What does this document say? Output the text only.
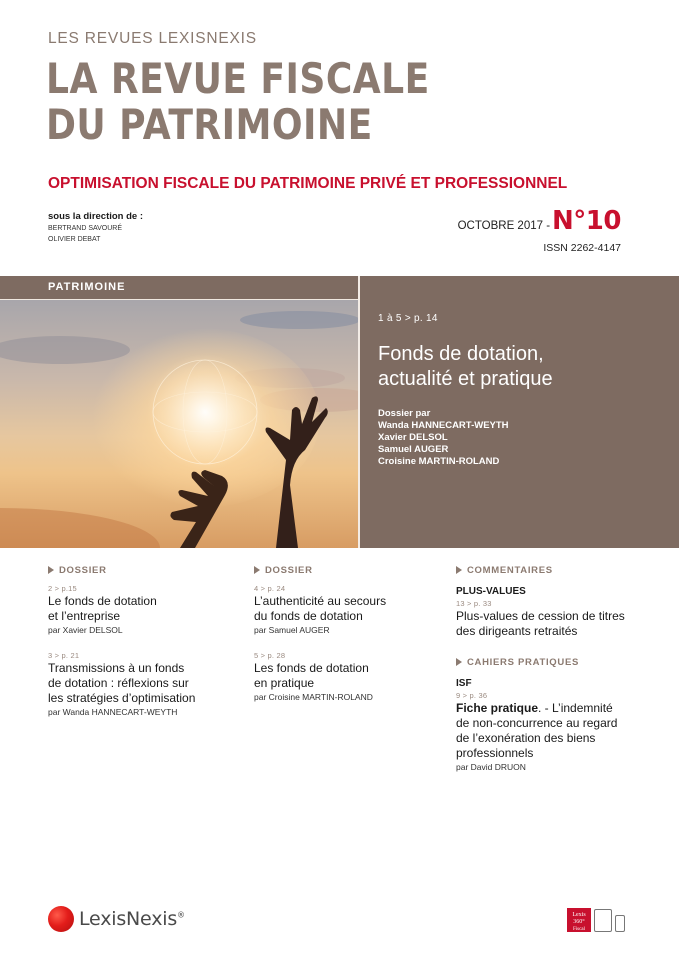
LES REVUES LEXISNEXIS
LA REVUE FISCALE
DU PATRIMOINE
OPTIMISATION FISCALE DU PATRIMOINE PRIVÉ ET PROFESSIONNEL
sous la direction de :
BERTRAND SAVOURÉ
OLIVIER DEBAT
OCTOBRE 2017 - N°10
ISSN 2262-4147
PATRIMOINE
1 à 5 > p. 14
Fonds de dotation,
actualité et pratique
Dossier par
Wanda HANNECART-WEYTH
Xavier DELSOL
Samuel AUGER
Croisine MARTIN-ROLAND
DOSSIER
2 > p.15
Le fonds de dotation
et l’entreprise
par Xavier DELSOL
3 > p. 21
Transmissions à un fonds
de dotation : réflexions sur
les stratégies d’optimisation
par Wanda HANNECART-WEYTH
DOSSIER
4 > p. 24
L’authenticité au secours
du fonds de dotation
par Samuel AUGER
5 > p. 28
Les fonds de dotation
en pratique
par Croisine MARTIN-ROLAND
COMMENTAIRES
PLUS-VALUES
13 > p. 33
Plus-values de cession de titres
des dirigeants retraités
CAHIERS PRATIQUES
ISF
9 > p. 36
Fiche pratique. - L’indemnité
de non-concurrence au regard
de l’exonération des biens
professionnels
par David DRUON
LexisNexis®	Lexis
360°
Fiscal
